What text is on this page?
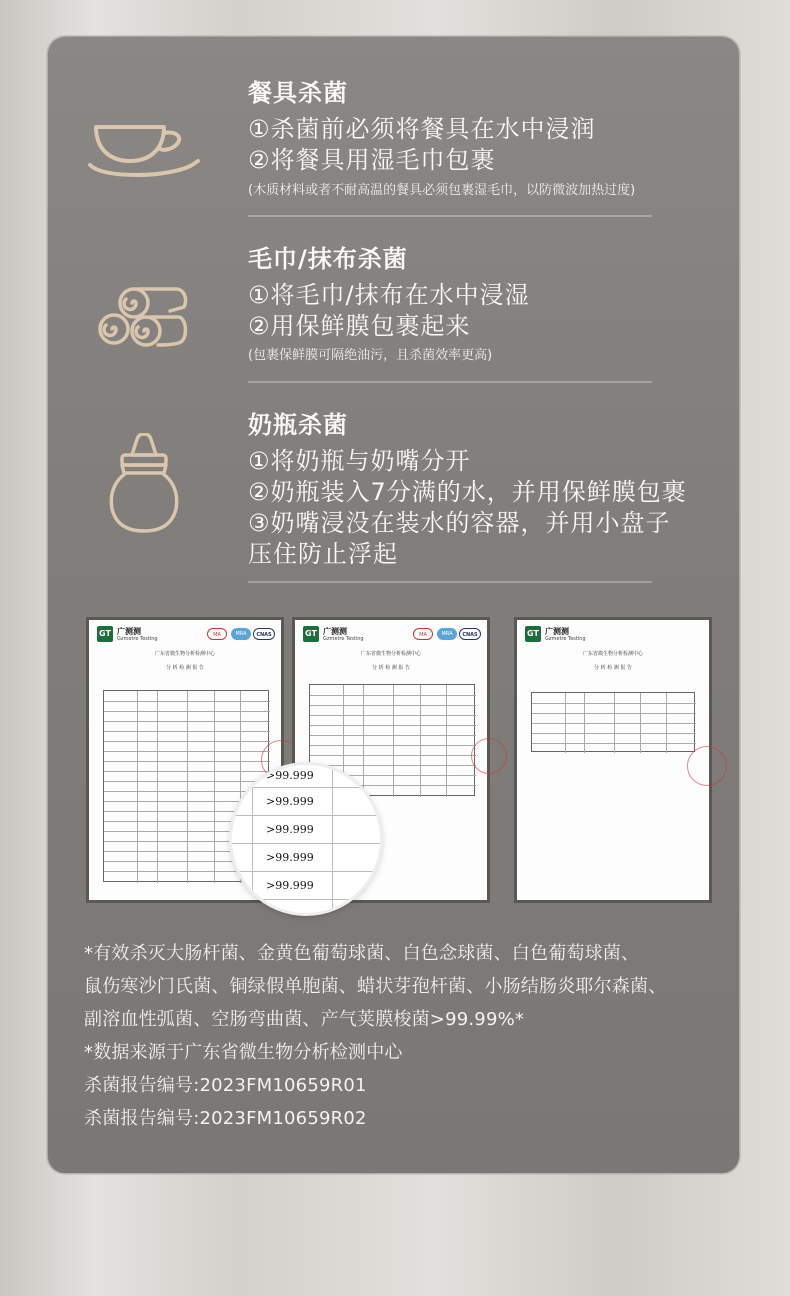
餐具杀菌
①杀菌前必须将餐具在水中浸润
②将餐具用湿毛巾包裹
(木质材料或者不耐高温的餐具必须包裹湿毛巾，以防微波加热过度)
毛巾/抹布杀菌
①将毛巾/抹布在水中浸湿
②用保鲜膜包裹起来
(包裹保鲜膜可隔绝油污，且杀菌效率更高)
奶瓶杀菌
①将奶瓶与奶嘴分开
②奶瓶装入7分满的水，并用保鲜膜包裹
③奶嘴浸没在装水的容器，并用小盘子
压住防止浮起
GT 广测测
Gzmetre Testing
MA	MRA	CNAS
广东省微生物分析检测中心
分 析 检 测 报 告
GT 广测测
Gzmetre Testing
MA	MRA	CNAS
广东省微生物分析检测中心
分 析 检 测 报 告
GT 广测测
Gzmetre Testing
广东省微生物分析检测中心
分 析 检 测 报 告
>99.999
>99.999
>99.999
>99.999
>99.999
*有效杀灭大肠杆菌、金黄色葡萄球菌、白色念球菌、白色葡萄球菌、
鼠伤寒沙门氏菌、铜绿假单胞菌、蜡状芽孢杆菌、小肠结肠炎耶尔森菌、
副溶血性弧菌、空肠弯曲菌、产气荚膜梭菌>99.99%*
*数据来源于广东省微生物分析检测中心
杀菌报告编号:2023FM10659R01
杀菌报告编号:2023FM10659R02
